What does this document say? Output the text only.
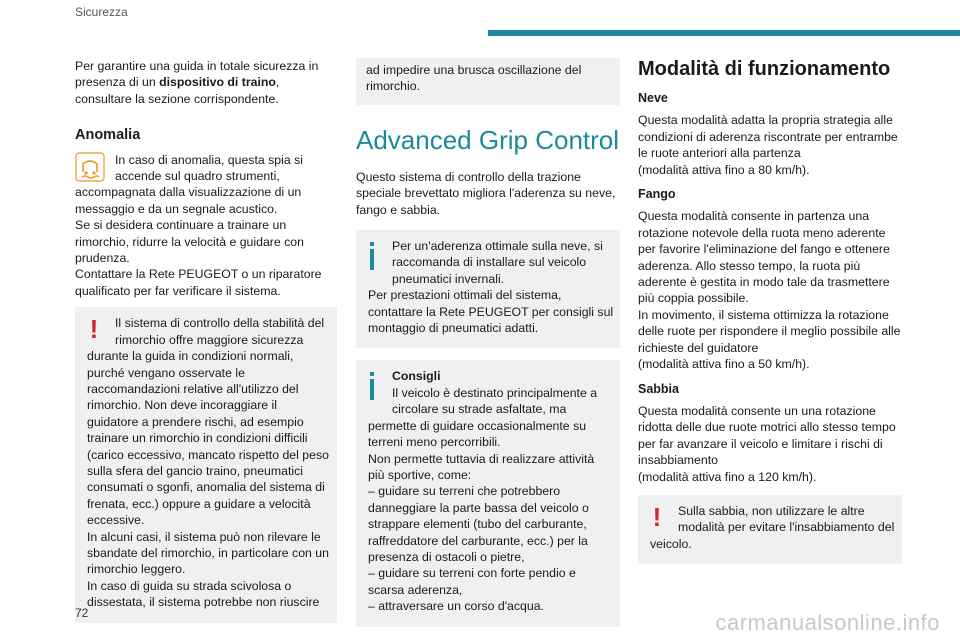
Sicurezza

Per garantire una guida in totale sicurezza in presenza di un dispositivo di traino, consultare la sezione corrispondente.

Anomalia

In caso di anomalia, questa spia si accende sul quadro strumenti, accompagnata dalla visualizzazione di un messaggio e da un segnale acustico.

Se si desidera continuare a trainare un rimorchio, ridurre la velocità e guidare con prudenza.

Contattare la Rete PEUGEOT o un riparatore qualificato per far verificare il sistema.

!	Il sistema di controllo della stabilità del rimorchio offre maggiore sicurezza durante la guida in condizioni normali, purché vengano osservate le raccomandazioni relative all'utilizzo del rimorchio. Non deve incoraggiare il guidatore a prendere rischi, ad esempio trainare un rimorchio in condizioni difficili (carico eccessivo, mancato rispetto del peso sulla sfera del gancio traino, pneumatici consumati o sgonfi, anomalia del sistema di frenata, ecc.) oppure a guidare a velocità eccessive.

In alcuni casi, il sistema può non rilevare le sbandate del rimorchio, in particolare con un rimorchio leggero.

In caso di guida su strada scivolosa o dissestata, il sistema potrebbe non riuscire

ad impedire una brusca oscillazione del rimorchio.

Advanced Grip Control

Questo sistema di controllo della trazione speciale brevettato migliora l'aderenza su neve, fango e sabbia.

Per un'aderenza ottimale sulla neve, si raccomanda di installare sul veicolo pneumatici invernali.

Per prestazioni ottimali del sistema, contattare la Rete PEUGEOT per consigli sul montaggio di pneumatici adatti.

Consigli

Il veicolo è destinato principalmente a circolare su strade asfaltate, ma permette di guidare occasionalmente su terreni meno percorribili.

Non permette tuttavia di realizzare attività più sportive, come:

– guidare su terreni che potrebbero danneggiare la parte bassa del veicolo o strappare elementi (tubo del carburante, raffreddatore del carburante, ecc.) per la presenza di ostacoli o pietre,

– guidare su terreni con forte pendio e scarsa aderenza,

– attraversare un corso d'acqua.

Modalità di funzionamento
Neve

Questa modalità adatta la propria strategia alle condizioni di aderenza riscontrate per entrambe le ruote anteriori alla partenza

(modalità attiva fino a 80 km/h).

Fango

Questa modalità consente in partenza una rotazione notevole della ruota meno aderente per favorire l'eliminazione del fango e ottenere aderenza. Allo stesso tempo, la ruota più aderente è gestita in modo tale da trasmettere più coppia possibile.

In movimento, il sistema ottimizza la rotazione delle ruote per rispondere il meglio possibile alle richieste del guidatore

(modalità attiva fino a 50 km/h).

Sabbia

Questa modalità consente un una rotazione ridotta delle due ruote motrici allo stesso tempo per far avanzare il veicolo e limitare i rischi di insabbiamento

(modalità attiva fino a 120 km/h).

!	Sulla sabbia, non utilizzare le altre modalità per evitare l'insabbiamento del veicolo.

72	carmanualsonline.info
